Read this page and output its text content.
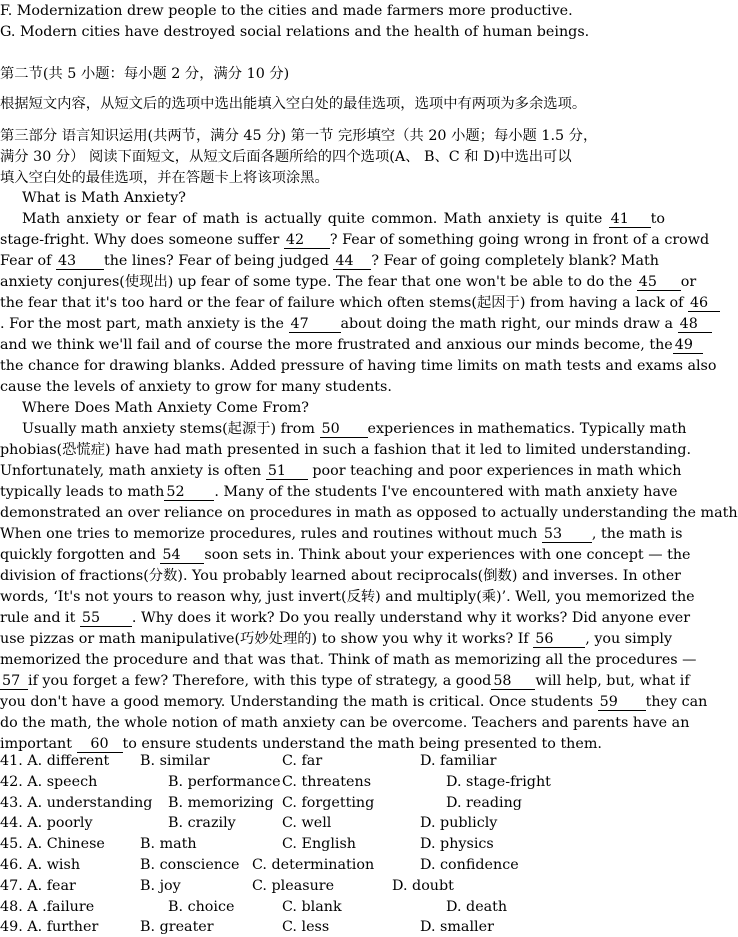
F. Modernization drew people to the cities and made farmers more productive.
G. Modern cities have destroyed social relations and the health of human beings.
第二节(共 5 小题：每小题 2 分，满分 10 分)
根据短文内容，从短文后的选项中选出能填入空白处的最佳选项，选项中有两项为多余选项。
第三部分 语言知识运用(共两节，满分 45 分) 第一节 完形填空（共 20 小题；每小题 1.5 分，
满分 30 分） 阅读下面短文，从短文后面各题所给的四个选项(A、 B、C 和 D)中选出可以
填入空白处的最佳选项，并在答题卡上将该项涂黑。
What is Math Anxiety?
Math anxiety or fear of math is actually quite common. Math anxiety is quite 41 to
stage-fright. Why does someone suffer 42 ? Fear of something going wrong in front of a crowd
Fear of 43 the lines? Fear of being judged 44 ? Fear of going completely blank? Math
anxiety conjures(使现出) up fear of some type. The fear that one won't be able to do the 45 or
the fear that it's too hard or the fear of failure which often stems(起因于) from having a lack of 46
. For the most part, math anxiety is the 47 about doing the math right, our minds draw a 48
and we think we'll fail and of course the more frustrated and anxious our minds become, the 49
the chance for drawing blanks. Added pressure of having time limits on math tests and exams also
cause the levels of anxiety to grow for many students.
Where Does Math Anxiety Come From?
Usually math anxiety stems(起源于) from 50 experiences in mathematics. Typically math
phobias(恐慌症) have had math presented in such a fashion that it led to limited understanding.
Unfortunately, math anxiety is often 51 poor teaching and poor experiences in math which
typically leads to math 52 . Many of the students I've encountered with math anxiety have
demonstrated an over reliance on procedures in math as opposed to actually understanding the math
When one tries to memorize procedures, rules and routines without much 53 , the math is
quickly forgotten and 54 soon sets in. Think about your experiences with one concept — the
division of fractions(分数). You probably learned about reciprocals(倒数) and inverses. In other
words, ‘It's not yours to reason why, just invert(反转) and multiply(乘)’. Well, you memorized the
rule and it 55 . Why does it work? Do you really understand why it works? Did anyone ever
use pizzas or math manipulative(巧妙处理的) to show you why it works? If 56 , you simply
memorized the procedure and that was that. Think of math as memorizing all the procedures —
57 if you forget a few? Therefore, with this type of strategy, a good 58 will help, but, what if
you don't have a good memory. Understanding the math is critical. Once students 59 they can
do the math, the whole notion of math anxiety can be overcome. Teachers and parents have an
important 60 to ensure students understand the math being presented to them.
41. A. different B. similar	C. far	D. familiar
42. A. speech	B. performance C. threatens	D. stage-fright
43. A. understanding B. memorizing C. forgetting	D. reading
44. A. poorly	B. crazily	C. well	D. publicly
45. A. Chinese B. math	C. English	D. physics
46. A. wish	B. conscience C. determination	D. confidence
47. A. fear	B. joy	C. pleasure	D. doubt
48. A .failure	B. choice	C. blank	D. death
49. A. further	B. greater	C. less	D. smaller
